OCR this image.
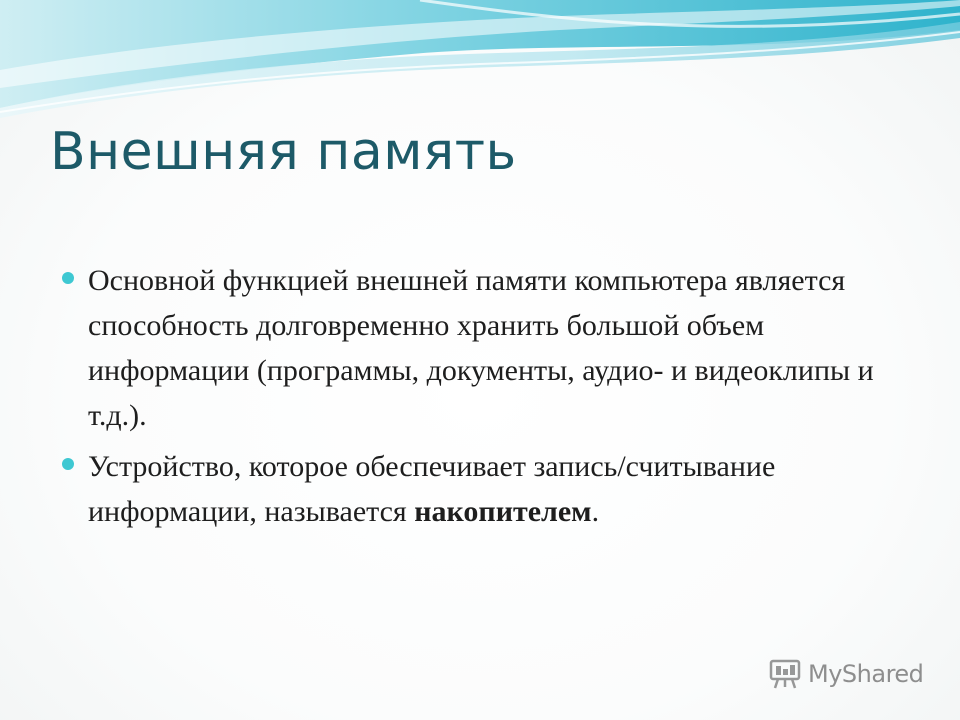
Внешняя память
Основной функцией внешней памяти компьютера является способность долговременно хранить большой объем информации (программы, документы, аудио- и видеоклипы и т.д.).
Устройство, которое обеспечивает запись/считывание информации, называется накопителем.
MyShared
